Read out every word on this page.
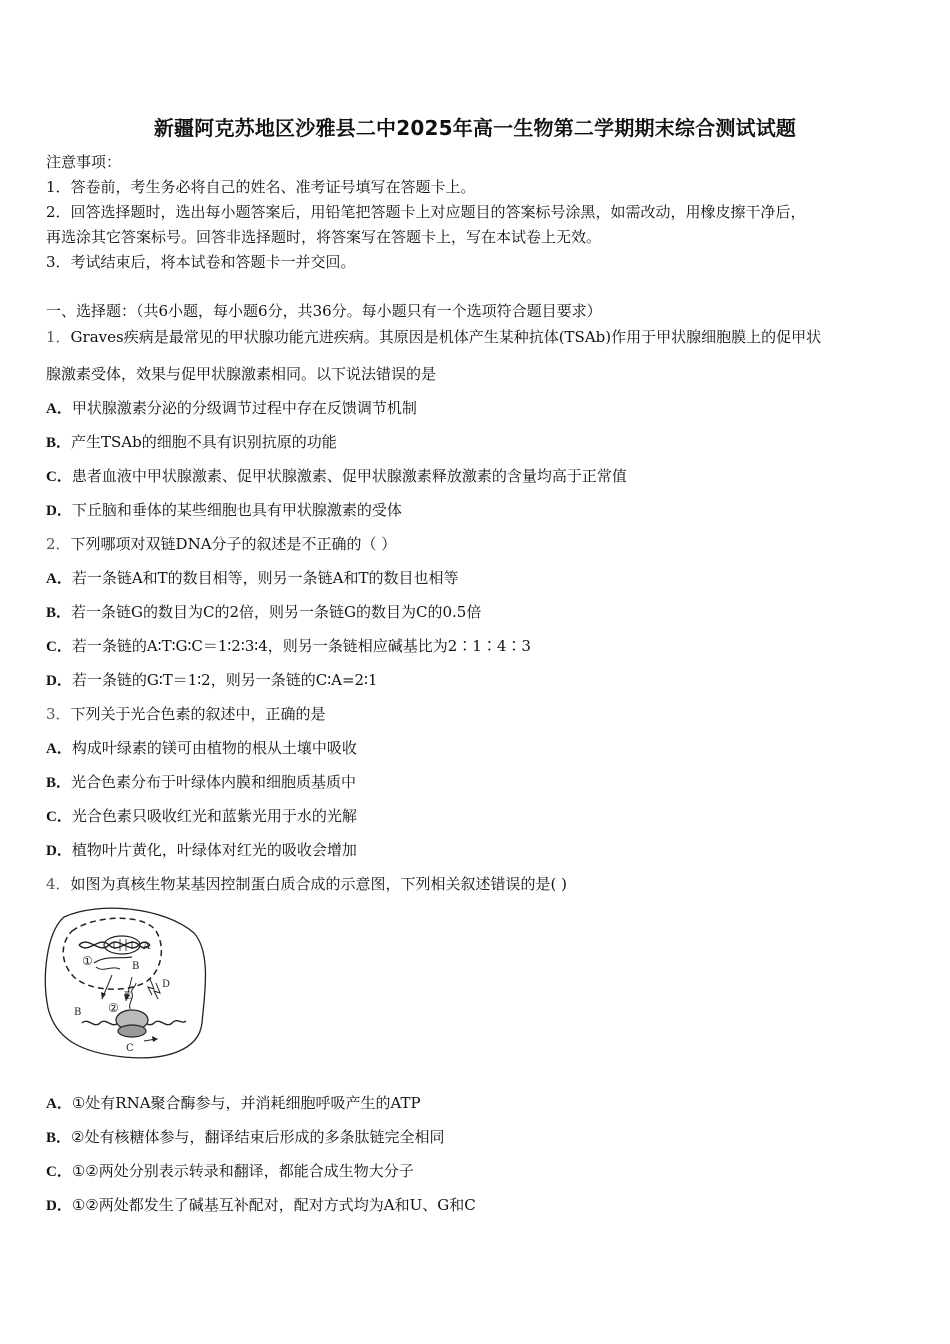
新疆阿克苏地区沙雅县二中2025年高一生物第二学期期末综合测试试题
注意事项：
1．答卷前，考生务必将自己的姓名、准考证号填写在答题卡上。
2．回答选择题时，选出每小题答案后，用铅笔把答题卡上对应题目的答案标号涂黑，如需改动，用橡皮擦干净后，
再选涂其它答案标号。回答非选择题时，将答案写在答题卡上，写在本试卷上无效。
3．考试结束后，将本试卷和答题卡一并交回。
一、选择题：（共6小题，每小题6分，共36分。每小题只有一个选项符合题目要求）
1．Graves疾病是最常见的甲状腺功能亢进疾病。其原因是机体产生某种抗体(TSAb)作用于甲状腺细胞膜上的促甲状
腺激素受体，效果与促甲状腺激素相同。以下说法错误的是
A．甲状腺激素分泌的分级调节过程中存在反馈调节机制
B．产生TSAb的细胞不具有识别抗原的功能
C．患者血液中甲状腺激素、促甲状腺激素、促甲状腺激素释放激素的含量均高于正常值
D．下丘脑和垂体的某些细胞也具有甲状腺激素的受体
2．下列哪项对双链DNA分子的叙述是不正确的（ ）
A．若一条链A和T的数目相等，则另一条链A和T的数目也相等
B．若一条链G的数目为C的2倍，则另一条链G的数目为C的0.5倍
C．若一条链的A∶T∶G∶C＝1∶2∶3∶4，则另一条链相应碱基比为2∶1∶4∶3
D．若一条链的G∶T＝1∶2，则另一条链的C∶A=2∶1
3．下列关于光合色素的叙述中，正确的是
A．构成叶绿素的镁可由植物的根从土壤中吸收
B．光合色素分布于叶绿体内膜和细胞质基质中
C．光合色素只吸收红光和蓝紫光用于水的光解
D．植物叶片黄化，叶绿体对红光的吸收会增加
4．如图为真核生物某基因控制蛋白质合成的示意图，下列相关叙述错误的是( )
A
B
B
C
D
E
①
②
A．①处有RNA聚合酶参与，并消耗细胞呼吸产生的ATP
B．②处有核糖体参与，翻译结束后形成的多条肽链完全相同
C．①②两处分别表示转录和翻译，都能合成生物大分子
D．①②两处都发生了碱基互补配对，配对方式均为A和U、G和C
